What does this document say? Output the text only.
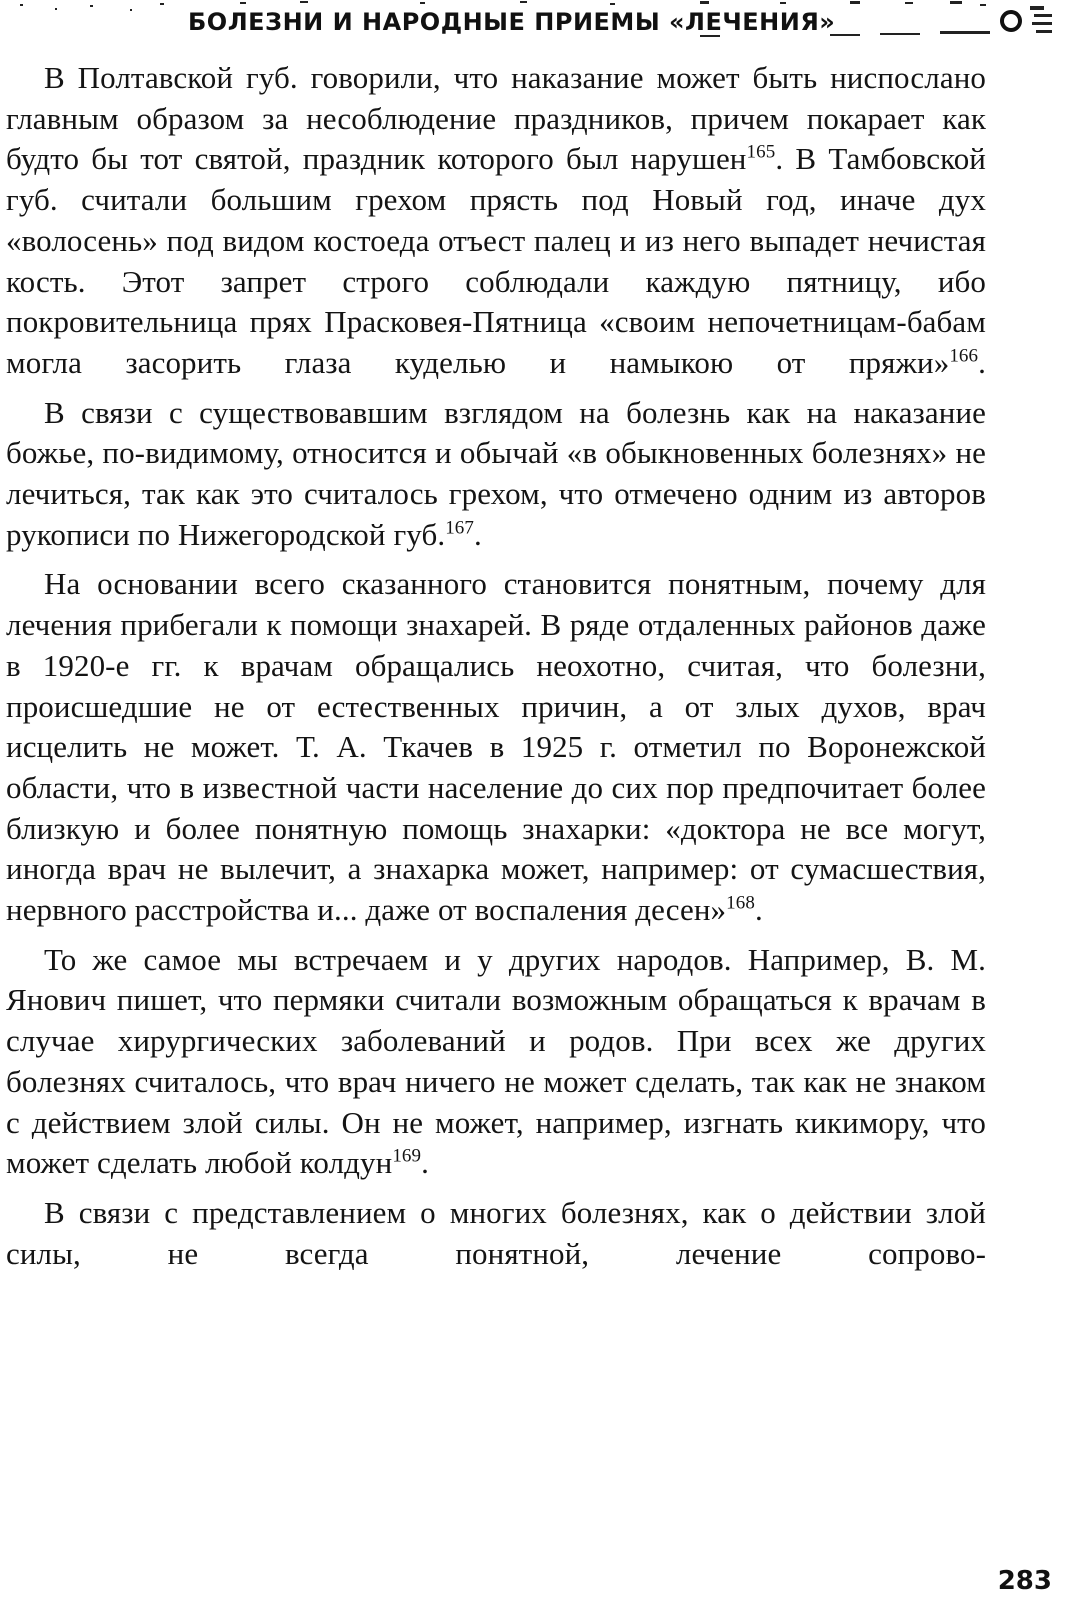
БОЛЕЗНИ И НАРОДНЫЕ ПРИЕМЫ «ЛЕЧЕНИЯ»

В Полтавской губ. говорили, что наказание может быть ниспослано главным образом за несоблюдение праздников, причем покарает как будто бы тот святой, праздник которого был нарушен$^{165}$. В Тамбовской губ. считали большим грехом прясть под Новый год, иначе дух «волосень» под видом костоеда отъест палец и из него выпадет нечистая кость. Этот запрет строго соблюдали каждую пятницу, ибо покровительница прях Прасковея-Пятница «своим непочетницам-бабам могла засорить глаза куделью и намыкою от пряжи»$^{166}$.

В связи с существовавшим взглядом на болезнь как на наказание божье, по-видимому, относится и обычай «в обыкновенных болезнях» не лечиться, так как это считалось грехом, что отмечено одним из авторов рукописи по Нижегородской губ.$^{167}$.

На основании всего сказанного становится понятным, почему для лечения прибегали к помощи знахарей. В ряде отдаленных районов даже в 1920-е гг. к врачам обращались неохотно, считая, что болезни, происшедшие не от естественных причин, а от злых духов, врач исцелить не может. Т. А. Ткачев в 1925 г. отметил по Воронежской области, что в известной части население до сих пор предпочитает более близкую и более понятную помощь знахарки: «доктора не все могут, иногда врач не вылечит, а знахарка может, например: от сумасшествия, нервного расстройства и... даже от воспаления десен»$^{168}$.

То же самое мы встречаем и у других народов. Например, В. М. Янович пишет, что пермяки считали возможным обращаться к врачам в случае хирургических заболеваний и родов. При всех же других болезнях считалось, что врач ничего не может сделать, так как не знаком с действием злой силы. Он не может, например, изгнать кикимору, что может сделать любой колдун$^{169}$.

В связи с представлением о многих болезнях, как о действии злой силы, не всегда понятной, лечение сопрово-

283
